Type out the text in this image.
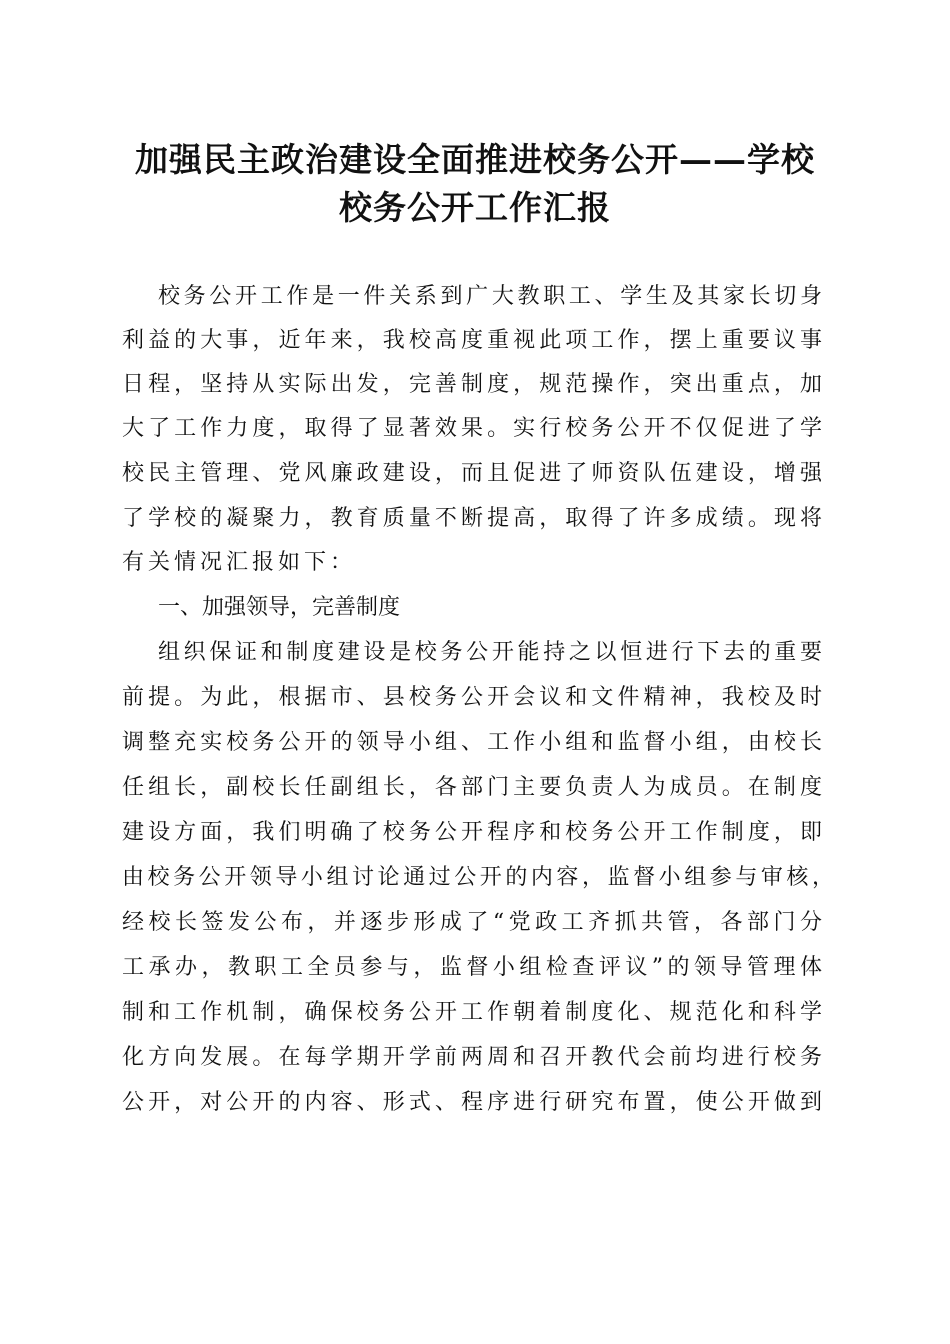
加强民主政治建设全面推进校务公开——学校
校务公开工作汇报
校务公开工作是一件关系到广大教职工、学生及其家长切身
利益的大事，近年来，我校高度重视此项工作，摆上重要议事
日程，坚持从实际出发，完善制度，规范操作，突出重点，加
大了工作力度，取得了显著效果。实行校务公开不仅促进了学
校民主管理、党风廉政建设，而且促进了师资队伍建设，增强
了学校的凝聚力，教育质量不断提高，取得了许多成绩。现将
有关情况汇报如下：
一、加强领导，完善制度
组织保证和制度建设是校务公开能持之以恒进行下去的重要
前提。为此，根据市、县校务公开会议和文件精神，我校及时
调整充实校务公开的领导小组、工作小组和监督小组，由校长
任组长，副校长任副组长，各部门主要负责人为成员。在制度
建设方面，我们明确了校务公开程序和校务公开工作制度，即
由校务公开领导小组讨论通过公开的内容，监督小组参与审核，
经校长签发公布，并逐步形成了“党政工齐抓共管，各部门分
工承办，教职工全员参与，监督小组检查评议”的领导管理体
制和工作机制，确保校务公开工作朝着制度化、规范化和科学
化方向发展。在每学期开学前两周和召开教代会前均进行校务
公开，对公开的内容、形式、程序进行研究布置，使公开做到
